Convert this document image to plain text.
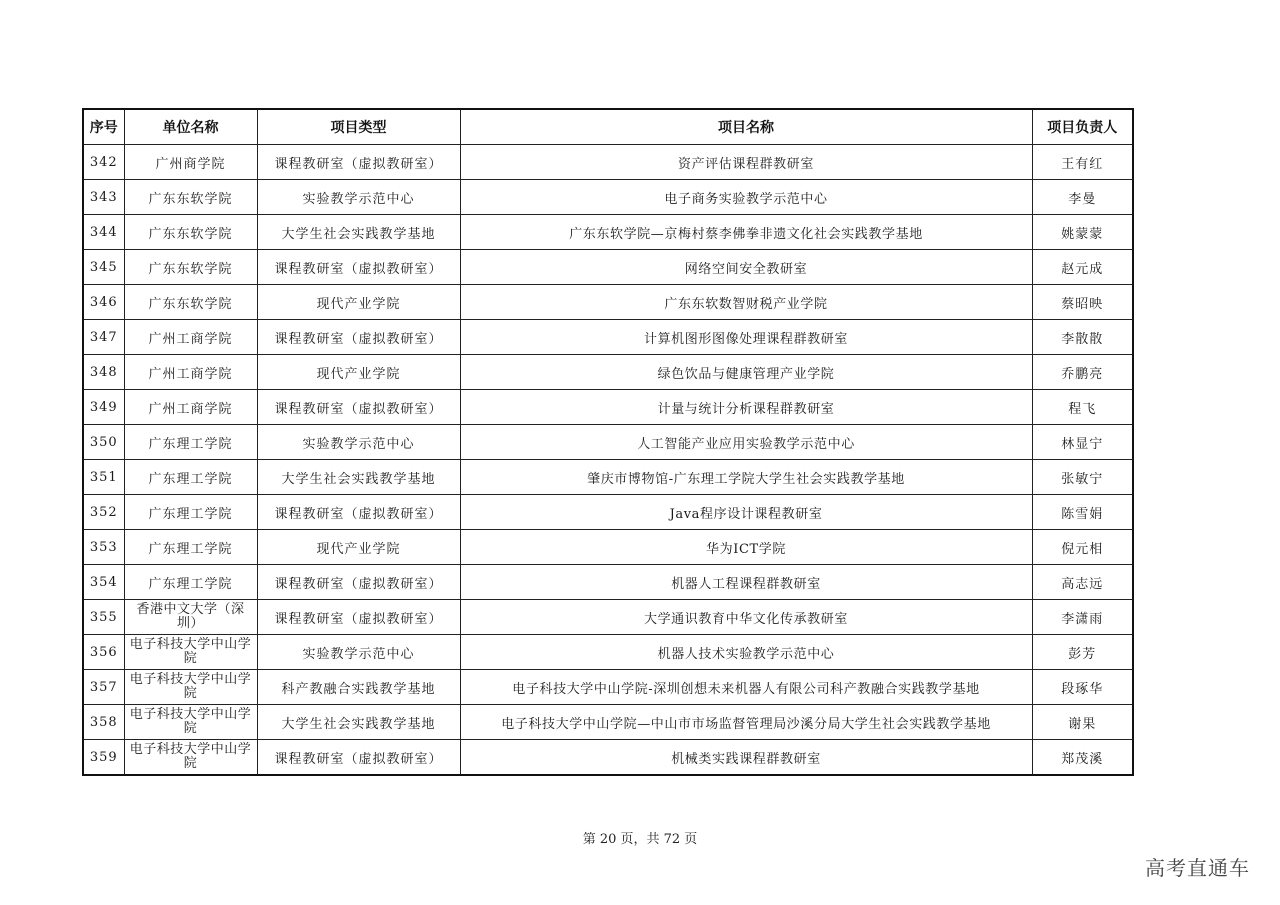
序号	单位名称	项目类型	项目名称	项目负责人
342	广州商学院	课程教研室（虚拟教研室）	资产评估课程群教研室	王有红
343	广东东软学院	实验教学示范中心	电子商务实验教学示范中心	李曼
344	广东东软学院	大学生社会实践教学基地	广东东软学院—京梅村蔡李佛拳非遗文化社会实践教学基地	姚蒙蒙
345	广东东软学院	课程教研室（虚拟教研室）	网络空间安全教研室	赵元成
346	广东东软学院	现代产业学院	广东东软数智财税产业学院	蔡昭映
347	广州工商学院	课程教研室（虚拟教研室）	计算机图形图像处理课程群教研室	李散散
348	广州工商学院	现代产业学院	绿色饮品与健康管理产业学院	乔鹏亮
349	广州工商学院	课程教研室（虚拟教研室）	计量与统计分析课程群教研室	程飞
350	广东理工学院	实验教学示范中心	人工智能产业应用实验教学示范中心	林显宁
351	广东理工学院	大学生社会实践教学基地	肇庆市博物馆-广东理工学院大学生社会实践教学基地	张敏宁
352	广东理工学院	课程教研室（虚拟教研室）	Java程序设计课程教研室	陈雪娟
353	广东理工学院	现代产业学院	华为ICT学院	倪元相
354	广东理工学院	课程教研室（虚拟教研室）	机器人工程课程群教研室	高志远
355	香港中文大学（深圳）	课程教研室（虚拟教研室）	大学通识教育中华文化传承教研室	李潇雨
356	电子科技大学中山学院	实验教学示范中心	机器人技术实验教学示范中心	彭芳
357	电子科技大学中山学院	科产教融合实践教学基地	电子科技大学中山学院-深圳创想未来机器人有限公司科产教融合实践教学基地	段琢华
358	电子科技大学中山学院	大学生社会实践教学基地	电子科技大学中山学院—中山市市场监督管理局沙溪分局大学生社会实践教学基地	谢果
359	电子科技大学中山学院	课程教研室（虚拟教研室）	机械类实践课程群教研室	郑茂溪
第 20 页，共 72 页
高考直通车
